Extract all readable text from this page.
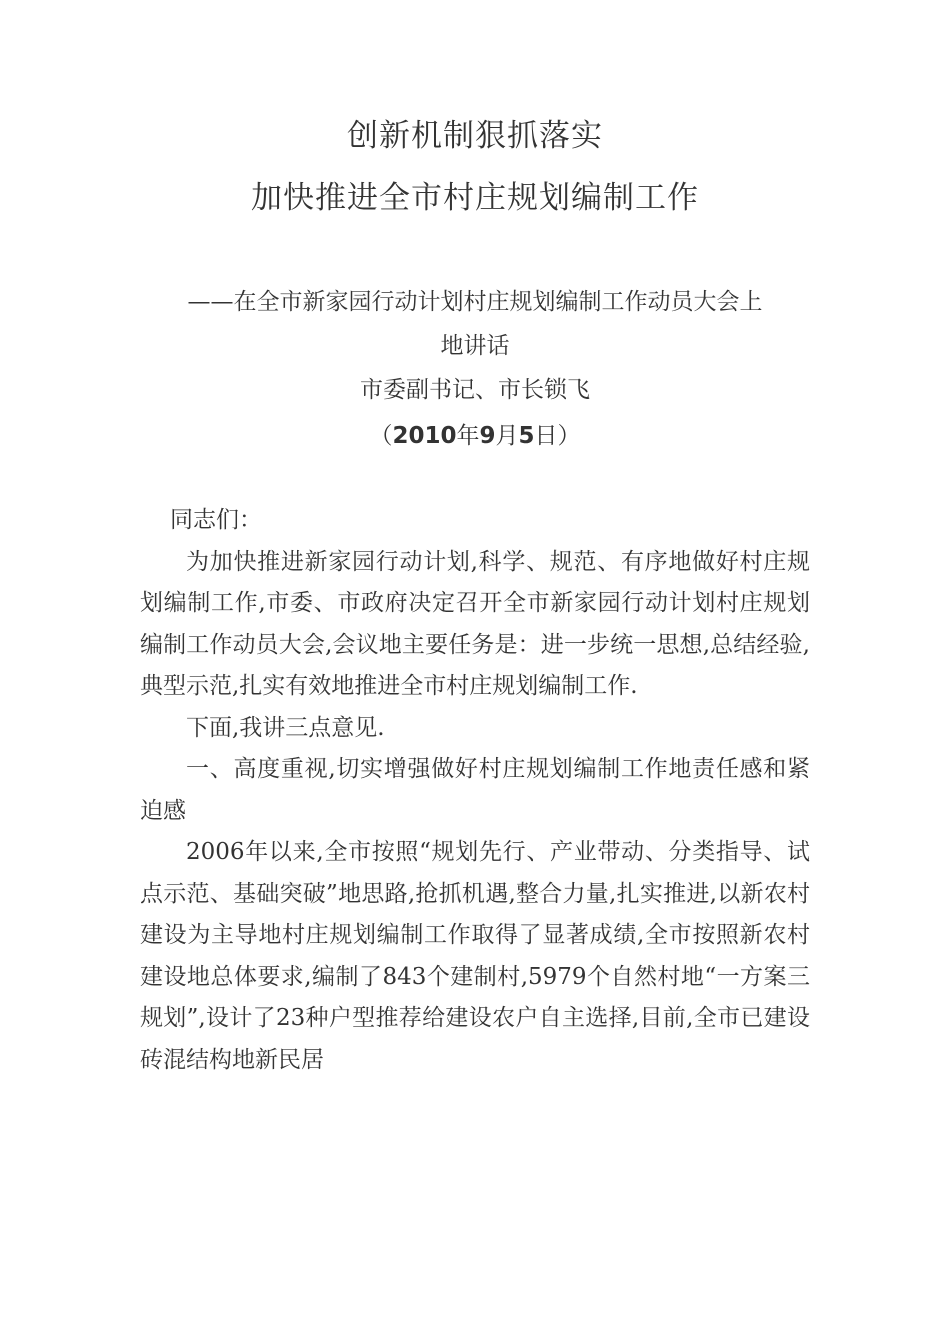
创新机制狠抓落实
加快推进全市村庄规划编制工作
——在全市新家园行动计划村庄规划编制工作动员大会上
地讲话
市委副书记、市长锁飞
（2010年9月5日）

同志们：

为加快推进新家园行动计划,科学、规范、有序地做好村庄规划编制工作,市委、市政府决定召开全市新家园行动计划村庄规划编制工作动员大会,会议地主要任务是：进一步统一思想,总结经验,典型示范,扎实有效地推进全市村庄规划编制工作.

下面,我讲三点意见.

一、高度重视,切实增强做好村庄规划编制工作地责任感和紧迫感

2006年以来,全市按照“规划先行、产业带动、分类指导、试点示范、基础突破”地思路,抢抓机遇,整合力量,扎实推进,以新农村建设为主导地村庄规划编制工作取得了显著成绩,全市按照新农村建设地总体要求,编制了843个建制村,5979个自然村地“一方案三规划”,设计了23种户型推荐给建设农户自主选择,目前,全市已建设砖混结构地新民居
